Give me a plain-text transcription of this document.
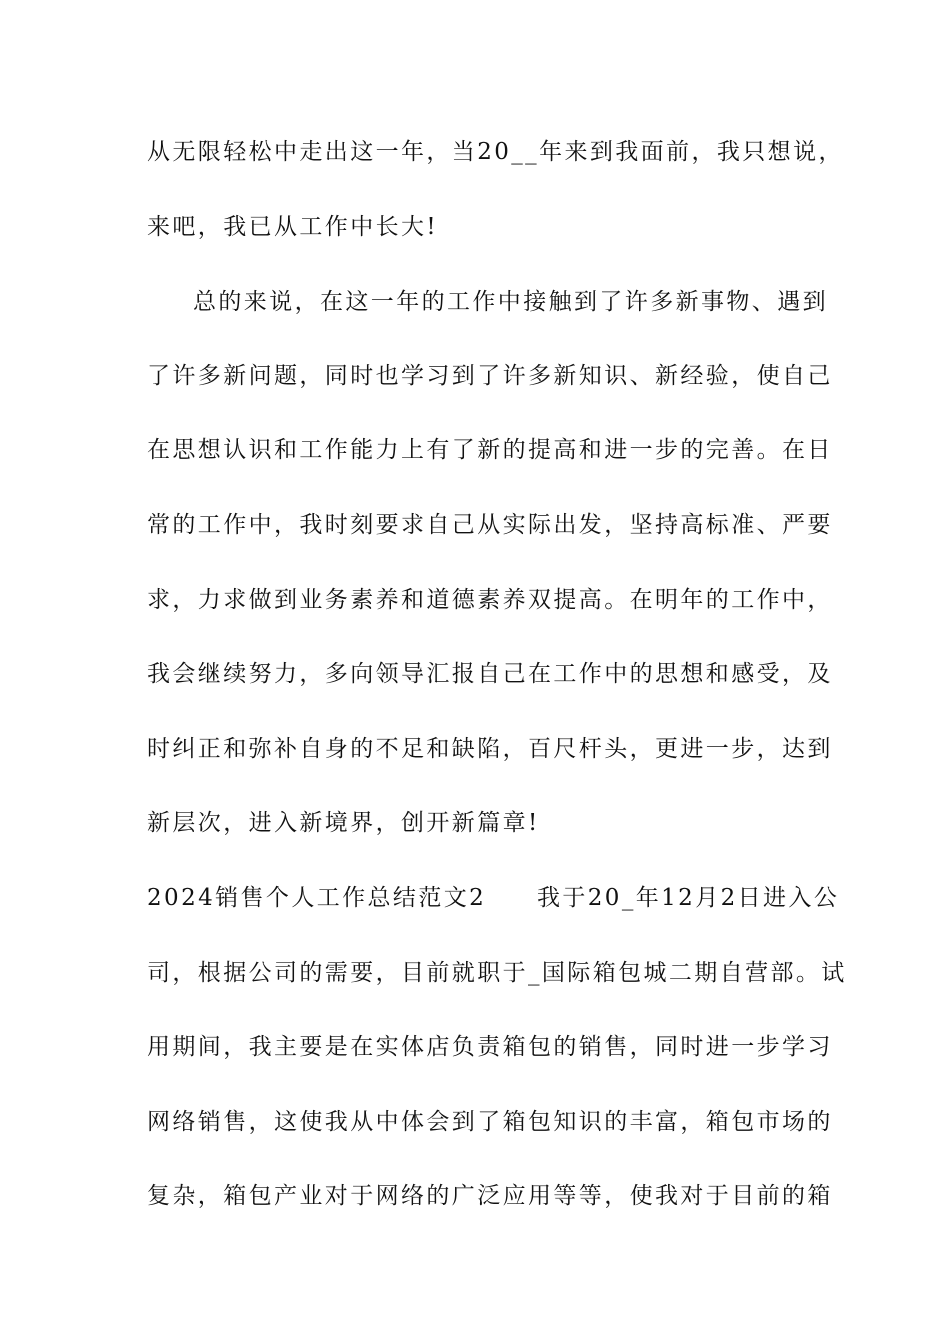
从无限轻松中走出这一年，当20__年来到我面前，我只想说，

来吧，我已从工作中长大!

总的来说，在这一年的工作中接触到了许多新事物、遇到

了许多新问题，同时也学习到了许多新知识、新经验，使自己

在思想认识和工作能力上有了新的提高和进一步的完善。在日

常的工作中，我时刻要求自己从实际出发，坚持高标准、严要

求，力求做到业务素养和道德素养双提高。在明年的工作中，

我会继续努力，多向领导汇报自己在工作中的思想和感受，及

时纠正和弥补自身的不足和缺陷，百尺杆头，更进一步，达到

新层次，进入新境界，创开新篇章!

2024销售个人工作总结范文2　　我于20_年12月2日进入公

司，根据公司的需要，目前就职于_国际箱包城二期自营部。试

用期间，我主要是在实体店负责箱包的销售，同时进一步学习

网络销售，这使我从中体会到了箱包知识的丰富，箱包市场的

复杂，箱包产业对于网络的广泛应用等等，使我对于目前的箱
